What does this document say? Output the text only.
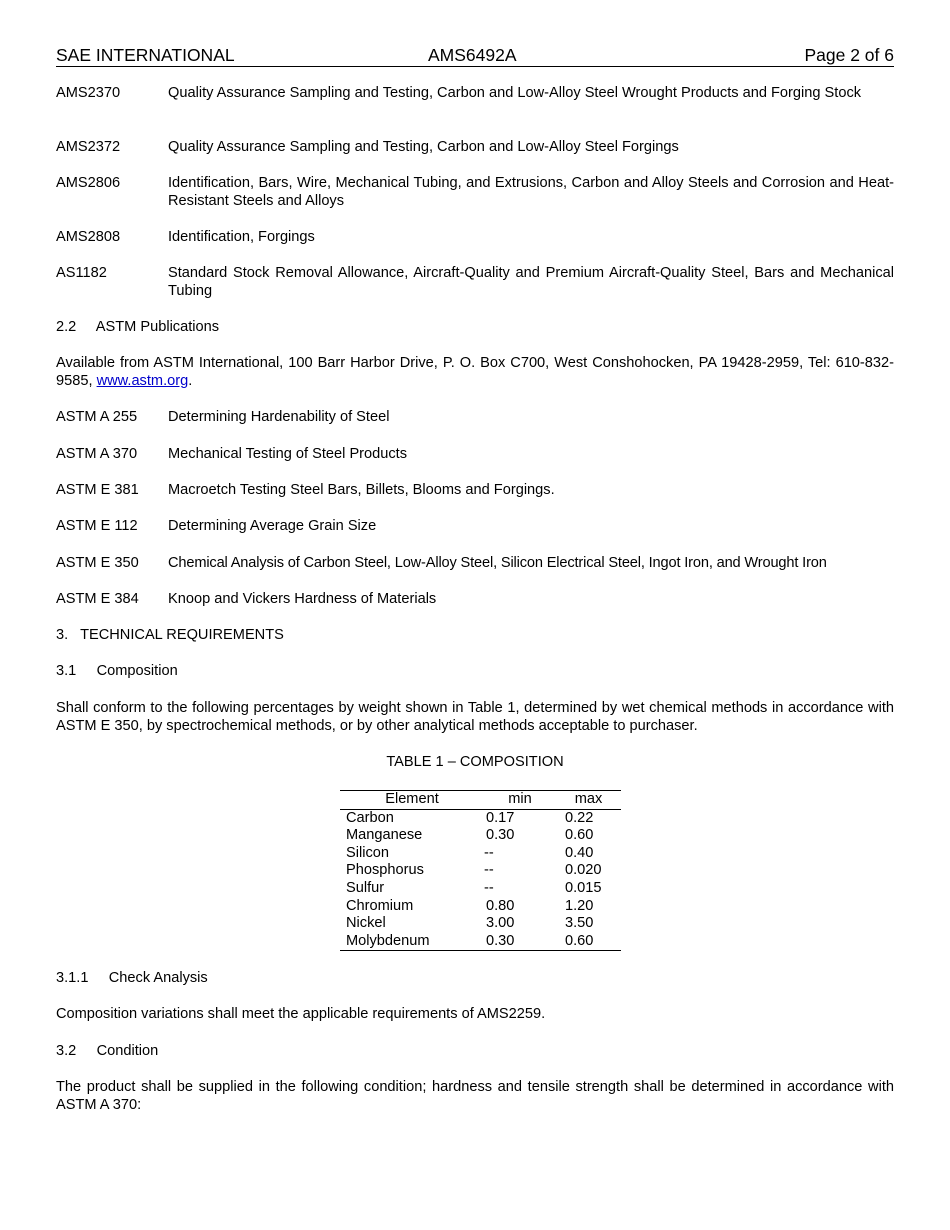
SAE INTERNATIONAL	AMS6492A	Page 2 of 6
AMS2370	Quality Assurance Sampling and Testing, Carbon and Low-Alloy Steel Wrought Products and Forging Stock
AMS2372	Quality Assurance Sampling and Testing, Carbon and Low-Alloy Steel Forgings
AMS2806	Identification, Bars, Wire, Mechanical Tubing, and Extrusions, Carbon and Alloy Steels and Corrosion and Heat-Resistant Steels and Alloys
AMS2808	Identification, Forgings
AS1182	Standard Stock Removal Allowance, Aircraft-Quality and Premium Aircraft-Quality Steel, Bars and Mechanical Tubing
2.2 ASTM Publications
Available from ASTM International, 100 Barr Harbor Drive, P. O. Box C700, West Conshohocken, PA 19428-2959, Tel: 610-832-9585, www.astm.org.
ASTM A 255	Determining Hardenability of Steel
ASTM A 370	Mechanical Testing of Steel Products
ASTM E 381	Macroetch Testing Steel Bars, Billets, Blooms and Forgings.
ASTM E 112	Determining Average Grain Size
ASTM E 350	Chemical Analysis of Carbon Steel, Low-Alloy Steel, Silicon Electrical Steel, Ingot Iron, and Wrought Iron
ASTM E 384	Knoop and Vickers Hardness of Materials
3. TECHNICAL REQUIREMENTS
3.1 Composition
Shall conform to the following percentages by weight shown in Table 1, determined by wet chemical methods in accordance with ASTM E 350, by spectrochemical methods, or by other analytical methods acceptable to purchaser.
TABLE 1 – COMPOSITION
Element	min	max
Carbon	0.17	0.22
Manganese	0.30	0.60
Silicon	--	0.40
Phosphorus	--	0.020
Sulfur	--	0.015
Chromium	0.80	1.20
Nickel	3.00	3.50
Molybdenum	0.30	0.60
3.1.1 Check Analysis
Composition variations shall meet the applicable requirements of AMS2259.
3.2 Condition
The product shall be supplied in the following condition; hardness and tensile strength shall be determined in accordance with ASTM A 370:
